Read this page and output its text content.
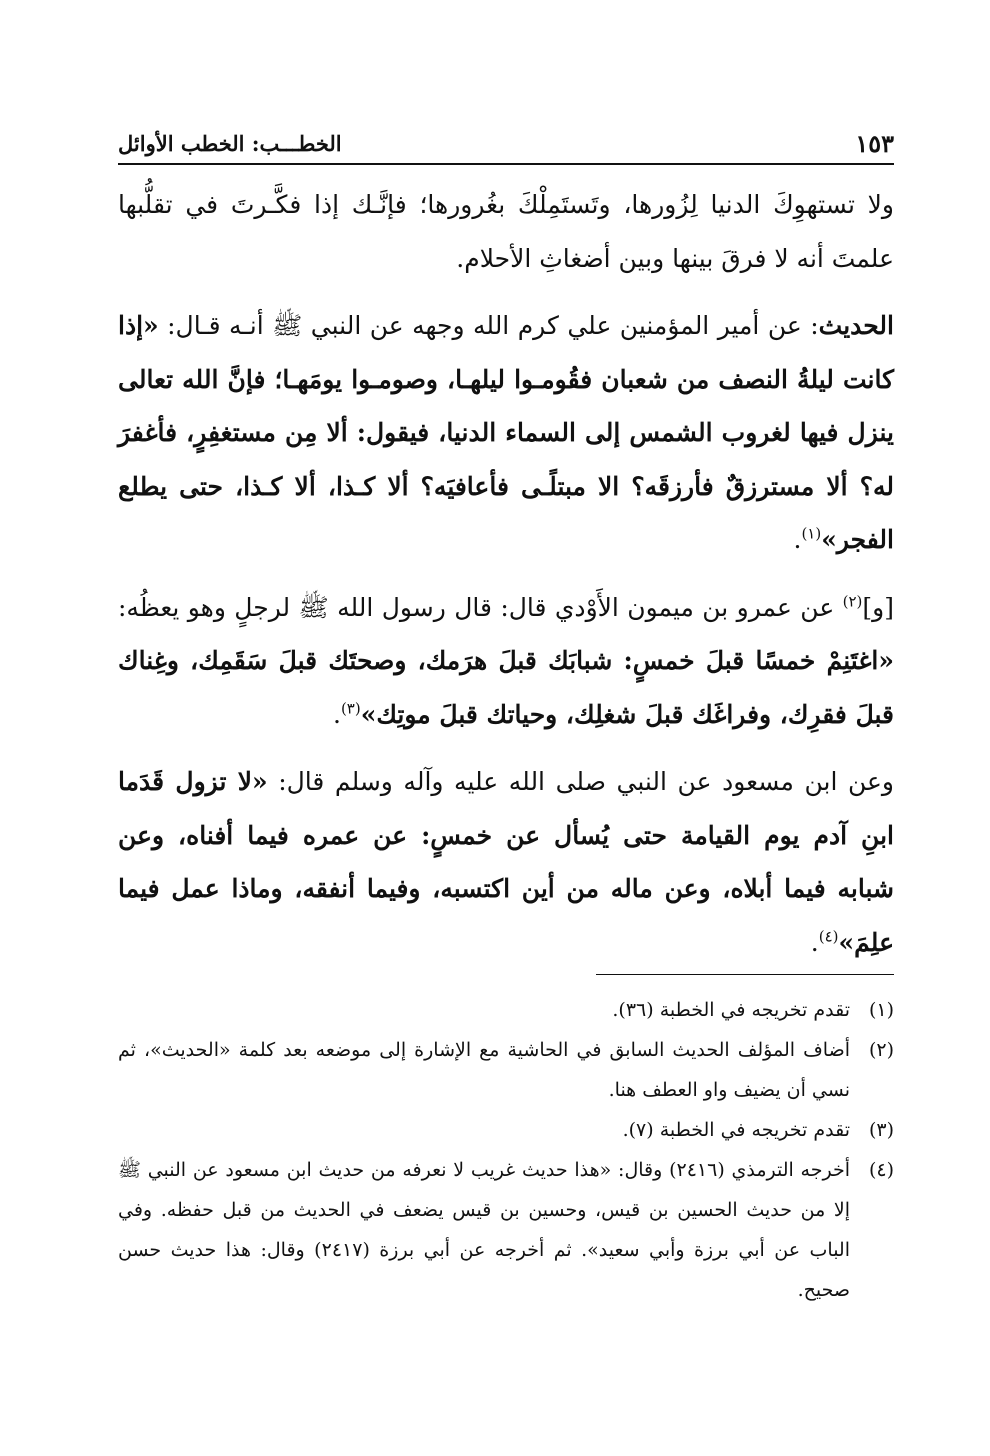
الخطـــب: الخطب الأوائل	١٥٣

ولا تستهوِكَ الدنيا لِزُورها، وتَستَمِلْكَ بغُرورها؛ فإنَّـك إذا فكَّـرتَ في تقلُّبها علمتَ أنه لا فرقَ بينها وبين أضغاثِ الأحلام.

الحديث: عن أمير المؤمنين علي كرم الله وجهه عن النبي ﷺ أنـه قـال: «إذا كانت ليلةُ النصف من شعبان فقُومـوا ليلهـا، وصومـوا يومَهـا؛ فإنَّ الله تعالى ينزل فيها لغروب الشمس إلى السماء الدنيا، فيقول: ألا مِن مستغفِرٍ، فأغفرَ له؟ ألا مسترزقٌ فأرزقَه؟ الا مبتلًـى فأعافيَه؟ ألا كـذا، ألا كـذا، حتى يطلع الفجر»$^{(١)}$.

[و]$^{(٢)}$ عن عمرو بن ميمون الأَوْدي قال: قال رسول الله ﷺ لرجلٍ وهو يعظُه: «اغتَنِمْ خمسًا قبلَ خمسٍ: شبابَك قبلَ هرَمك، وصحتَك قبلَ سَقَمِك، وغِناك قبلَ فقرِك، وفراغَك قبلَ شغلِك، وحياتك قبلَ موتِك»$^{(٣)}$.

وعن ابن مسعود عن النبي صلى الله عليه وآله وسلم قال: «لا تزول قَدَما ابنِ آدم يوم القيامة حتى يُسأل عن خمسٍ: عن عمره فيما أفناه، وعن شبابه فيما أبلاه، وعن ماله من أين اكتسبه، وفيما أنفقه، وماذا عمل فيما علِمَ»$^{(٤)}$.

(١)
تقدم تخريجه في الخطبة (٣٦).
(٢)
أضاف المؤلف الحديث السابق في الحاشية مع الإشارة إلى موضعه بعد كلمة «الحديث»، ثم نسي أن يضيف واو العطف هنا.
(٣)
تقدم تخريجه في الخطبة (٧).
(٤)
أخرجه الترمذي (٢٤١٦) وقال: «هذا حديث غريب لا نعرفه من حديث ابن مسعود عن النبي ﷺ إلا من حديث الحسين بن قيس، وحسين بن قيس يضعف في الحديث من قبل حفظه. وفي الباب عن أبي برزة وأبي سعيد». ثم أخرجه عن أبي برزة (٢٤١٧) وقال: هذا حديث حسن صحيح.
